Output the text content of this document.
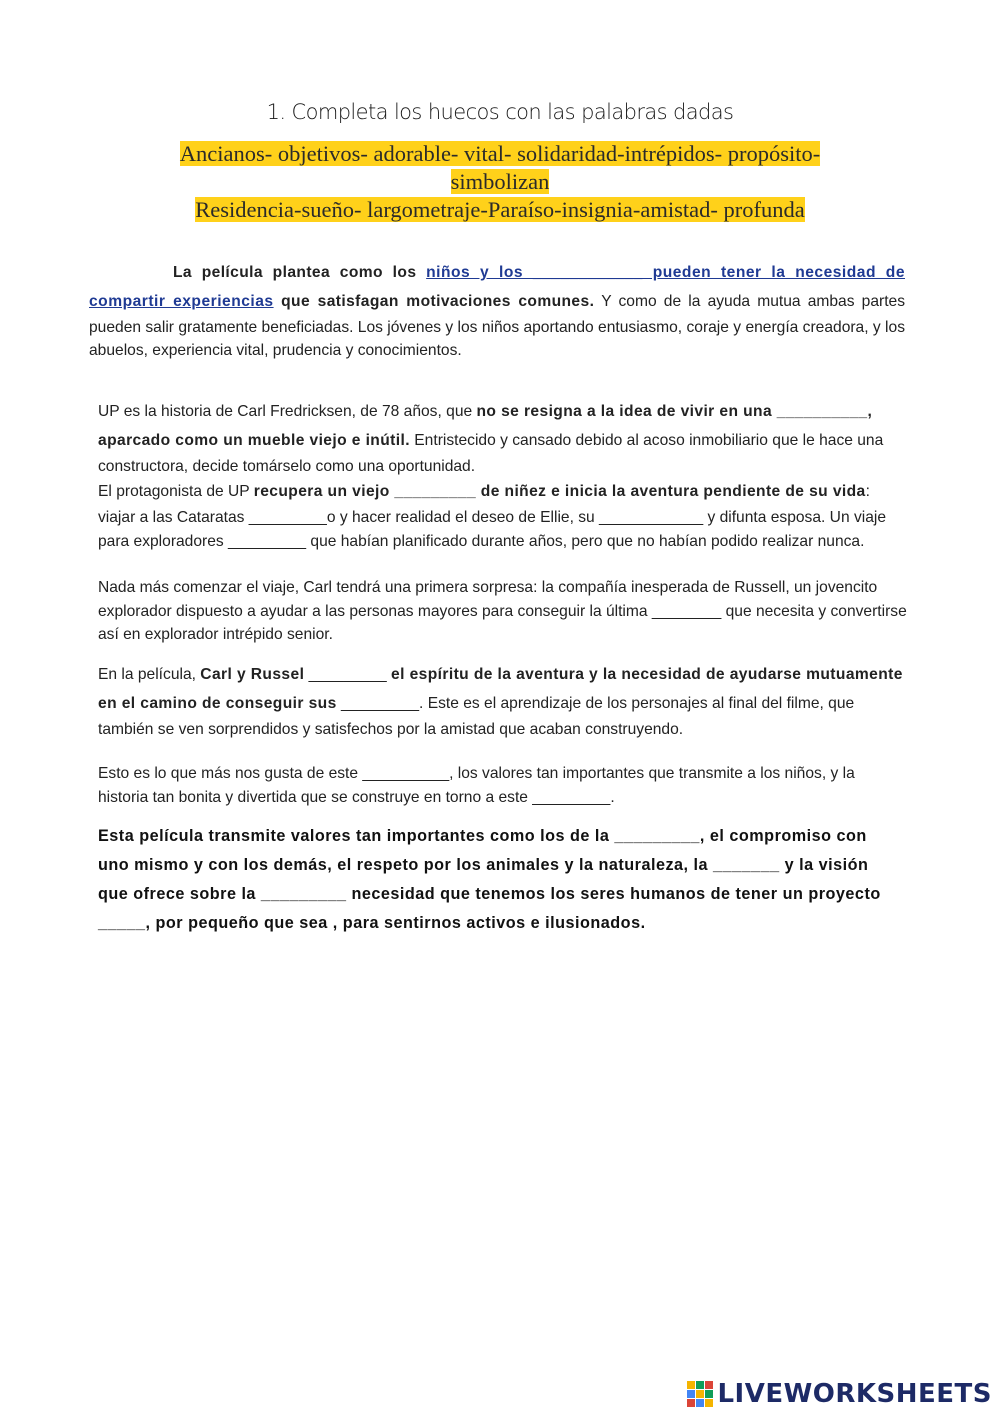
1. Completa los huecos con las palabras dadas
Ancianos- objetivos- adorable- vital- solidaridad-intrépidos- propósito-
simbolizan
Residencia-sueño- largometraje-Paraíso-insignia-amistad- profunda
La película plantea como los niños y los ____________ pueden tener la necesidad de compartir experiencias que satisfagan motivaciones comunes. Y como de la ayuda mutua ambas partes pueden salir gratamente beneficiadas. Los jóvenes y los niños aportando entusiasmo, coraje y energía creadora, y los abuelos, experiencia vital, prudencia y conocimientos.
UP es la historia de Carl Fredricksen, de 78 años, que no se resigna a la idea de vivir en una __________, aparcado como un mueble viejo e inútil. Entristecido y cansado debido al acoso inmobiliario que le hace una constructora, decide tomárselo como una oportunidad.
El protagonista de UP recupera un viejo _________ de niñez e inicia la aventura pendiente de su vida: viajar a las Cataratas _________o y hacer realidad el deseo de Ellie, su ____________ y difunta esposa. Un viaje para exploradores _________ que habían planificado durante años, pero que no habían podido realizar nunca.
Nada más comenzar el viaje, Carl tendrá una primera sorpresa: la compañía inesperada de Russell, un jovencito explorador dispuesto a ayudar a las personas mayores para conseguir la última ________ que necesita y convertirse así en explorador intrépido senior.
En la película, Carl y Russel _________ el espíritu de la aventura y la necesidad de ayudarse mutuamente en el camino de conseguir sus _________. Este es el aprendizaje de los personajes al final del filme, que también se ven sorprendidos y satisfechos por la amistad que acaban construyendo.
Esto es lo que más nos gusta de este __________, los valores tan importantes que transmite a los niños, y la historia tan bonita y divertida que se construye en torno a este _________.
Esta película transmite valores tan importantes como los de la _________, el compromiso con uno mismo y con los demás, el respeto por los animales y la naturaleza, la _______ y la visión que ofrece sobre la _________ necesidad que tenemos los seres humanos de tener un proyecto _____, por pequeño que sea , para sentirnos activos e ilusionados.
LIVEWORKSHEETS
